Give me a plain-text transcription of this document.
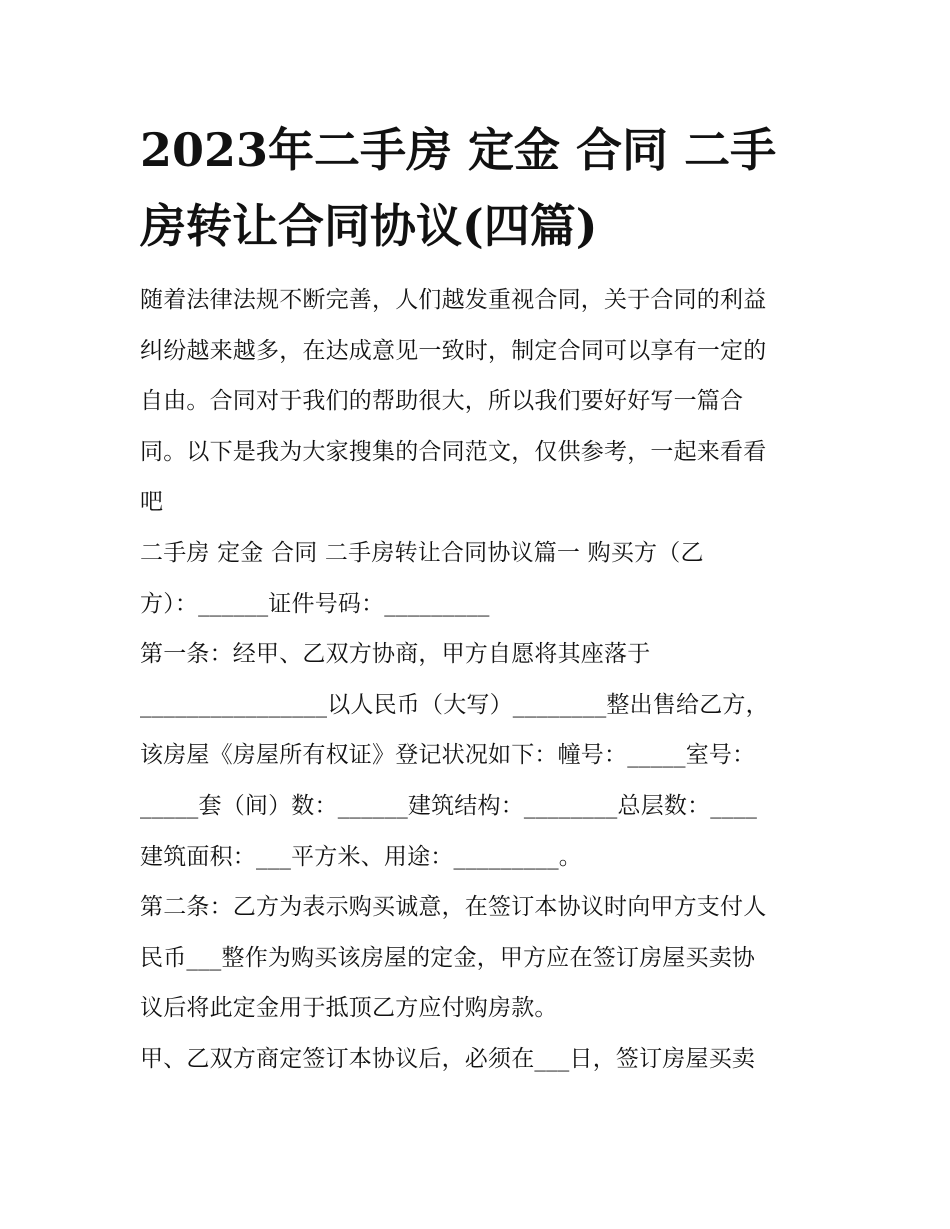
2023年二手房 定金 合同 二手
房转让合同协议(四篇)
随着法律法规不断完善，人们越发重视合同，关于合同的利益
纠纷越来越多，在达成意见一致时，制定合同可以享有一定的
自由。合同对于我们的帮助很大，所以我们要好好写一篇合
同。以下是我为大家搜集的合同范文，仅供参考，一起来看看
吧
二手房 定金 合同 二手房转让合同协议篇一 购买方（乙
方）：______证件号码：_________
第一条：经甲、乙双方协商，甲方自愿将其座落于
________________以人民币（大写）________整出售给乙方，
该房屋《房屋所有权证》登记状况如下：幢号：_____室号：
_____套（间）数：______建筑结构：________总层数：____
建筑面积：___平方米、用途：_________。
第二条：乙方为表示购买诚意，在签订本协议时向甲方支付人
民币___整作为购买该房屋的定金，甲方应在签订房屋买卖协
议后将此定金用于抵顶乙方应付购房款。
甲、乙双方商定签订本协议后，必须在___日，签订房屋买卖
